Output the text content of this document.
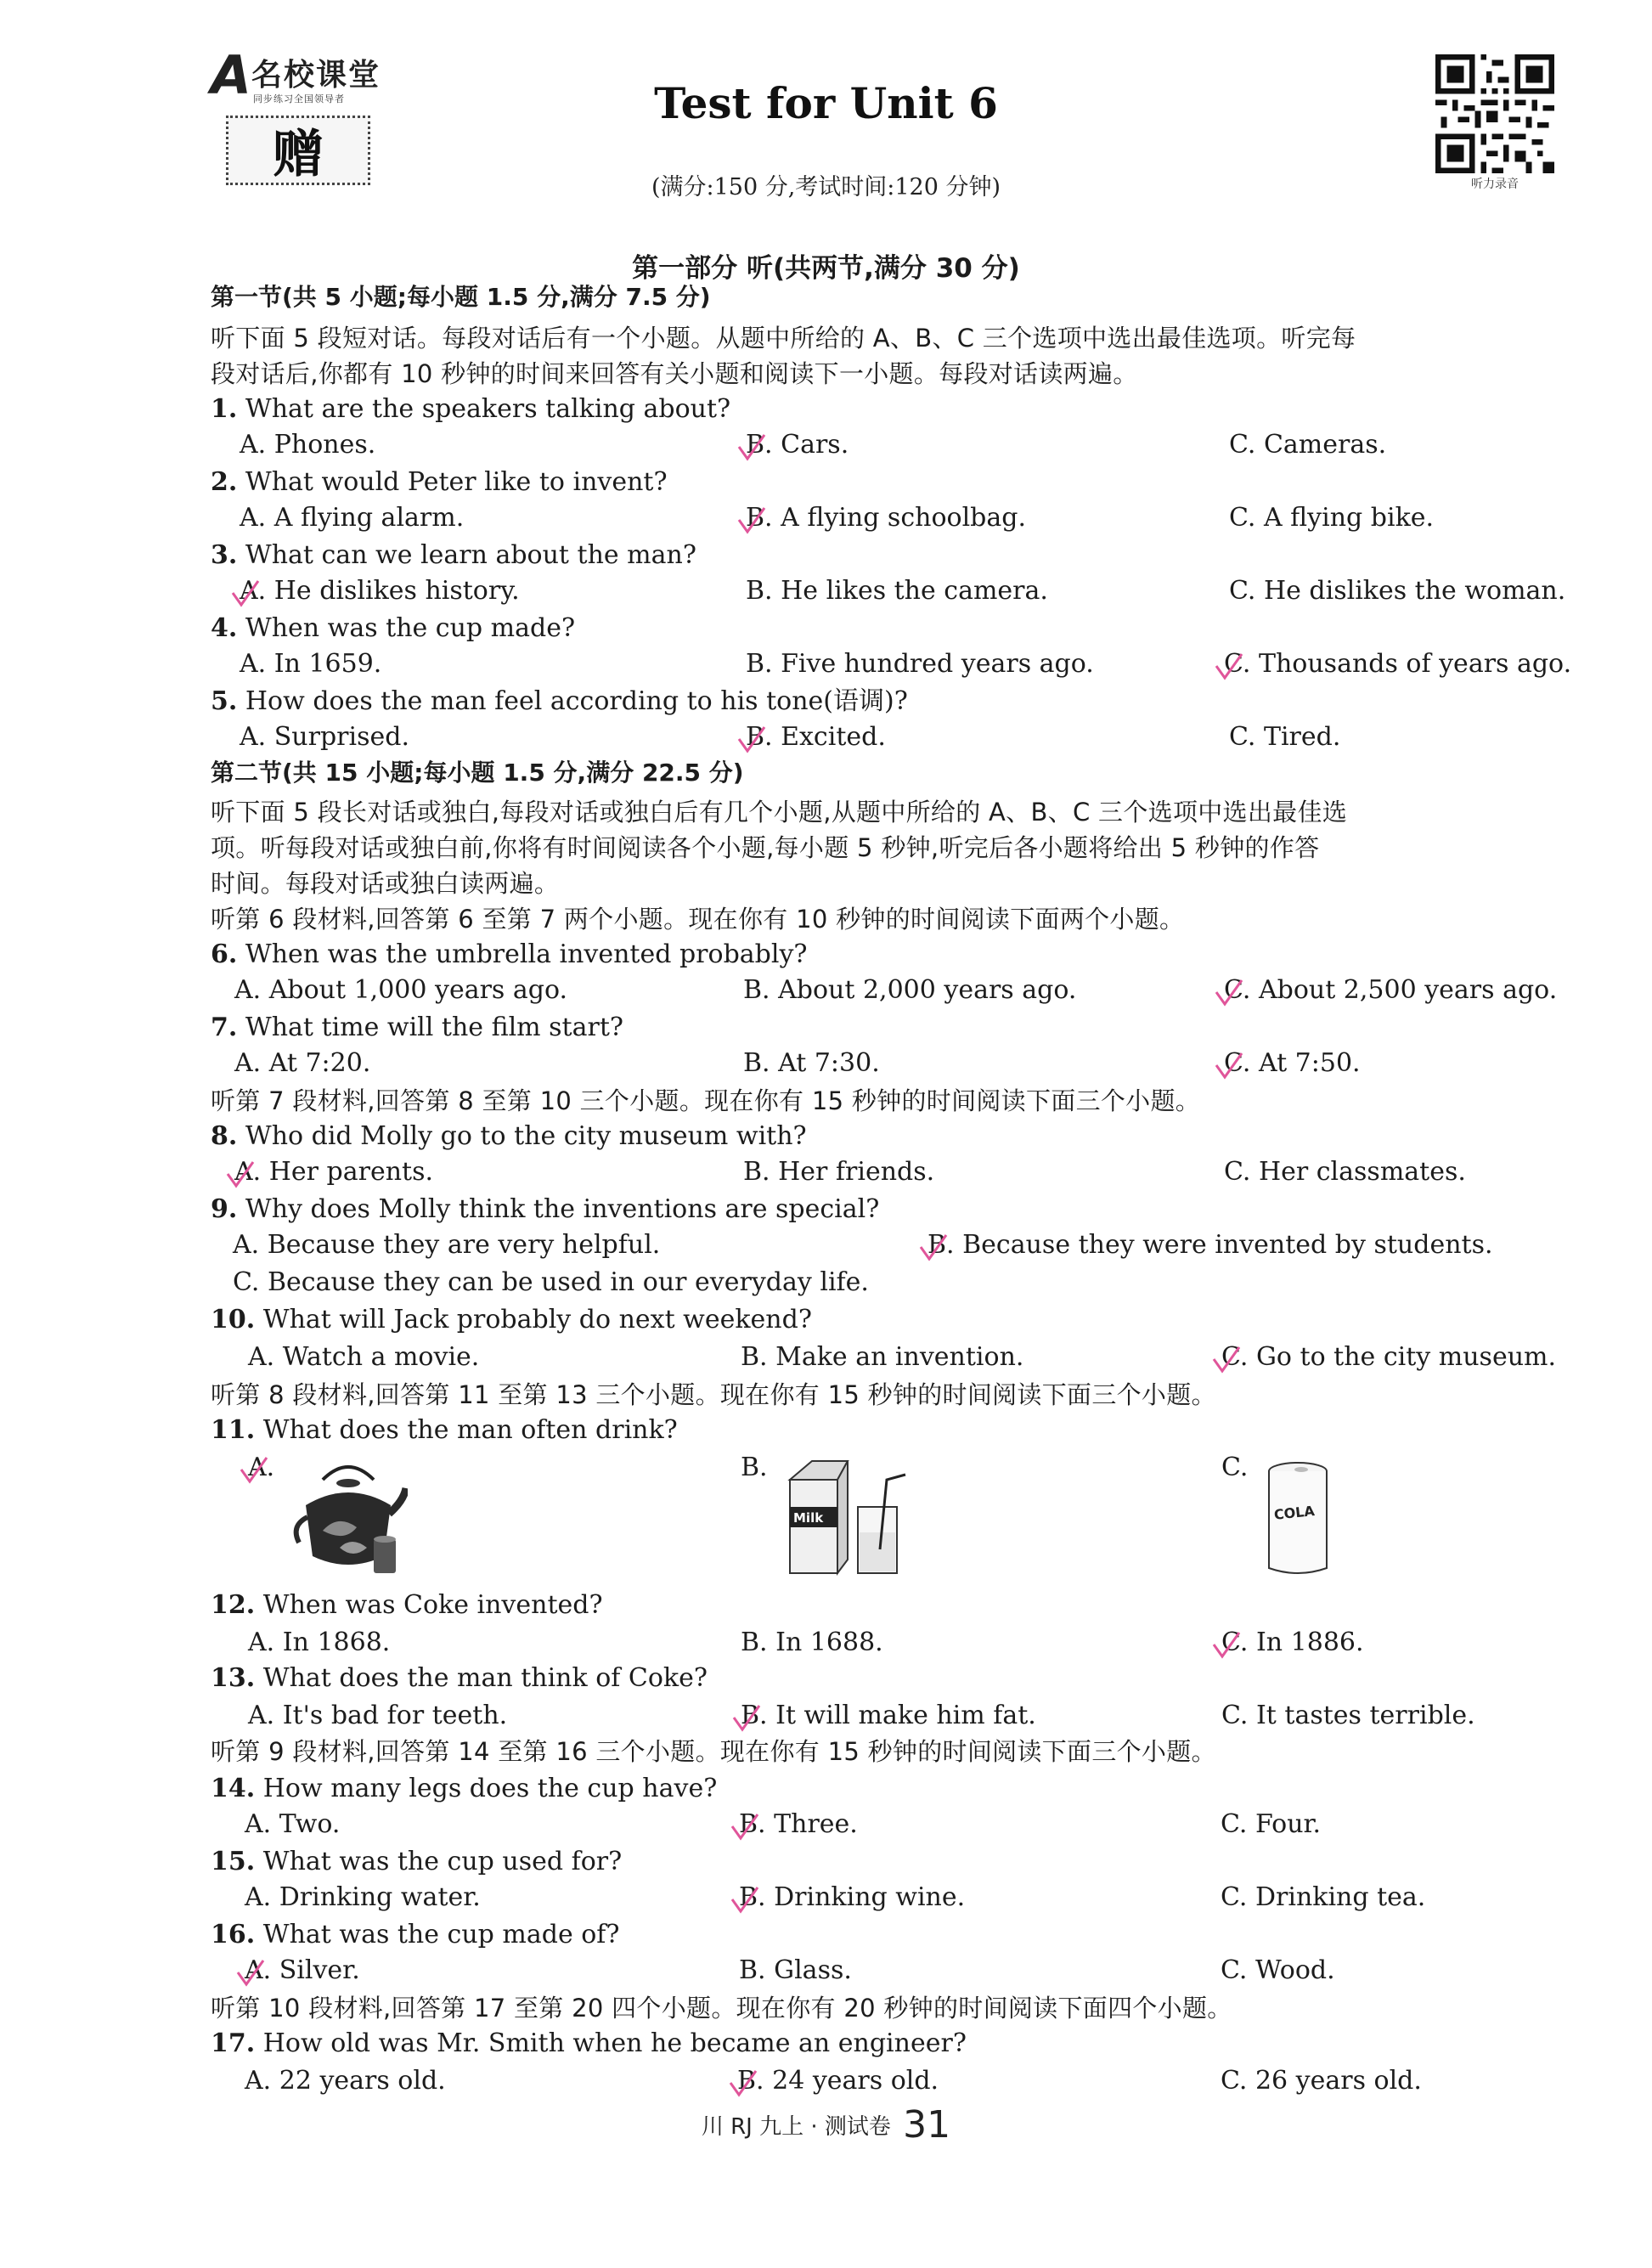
A 名校课堂
同步练习全国领导者
赠
Test for Unit 6
(满分:150 分,考试时间:120 分钟)	听力录音
第一部分 听(共两节,满分 30 分)
第一节(共 5 小题;每小题 1.5 分,满分 7.5 分)
听下面 5 段短对话。每段对话后有一个小题。从题中所给的 A、B、C 三个选项中选出最佳选项。听完每
段对话后,你都有 10 秒钟的时间来回答有关小题和阅读下一小题。每段对话读两遍。
1. What are the speakers talking about?
A. Phones.	B. Cars.	C. Cameras.
2. What would Peter like to invent?
A. A flying alarm.	B. A flying schoolbag.	C. A flying bike.
3. What can we learn about the man?
A. He dislikes history.	B. He likes the camera.	C. He dislikes the woman.
4. When was the cup made?
A. In 1659.	B. Five hundred years ago.	C. Thousands of years ago.
5. How does the man feel according to his tone(语调)?
A. Surprised.	B. Excited.	C. Tired.
第二节(共 15 小题;每小题 1.5 分,满分 22.5 分)
听下面 5 段长对话或独白,每段对话或独白后有几个小题,从题中所给的 A、B、C 三个选项中选出最佳选
项。听每段对话或独白前,你将有时间阅读各个小题,每小题 5 秒钟,听完后各小题将给出 5 秒钟的作答
时间。每段对话或独白读两遍。
听第 6 段材料,回答第 6 至第 7 两个小题。现在你有 10 秒钟的时间阅读下面两个小题。
6. When was the umbrella invented probably?
A. About 1,000 years ago.	B. About 2,000 years ago.	C. About 2,500 years ago.
7. What time will the film start?
A. At 7:20.	B. At 7:30.	C. At 7:50.
听第 7 段材料,回答第 8 至第 10 三个小题。现在你有 15 秒钟的时间阅读下面三个小题。
8. Who did Molly go to the city museum with?
A. Her parents.	B. Her friends.	C. Her classmates.
9. Why does Molly think the inventions are special?
A. Because they are very helpful.	B. Because they were invented by students.
C. Because they can be used in our everyday life.
10. What will Jack probably do next weekend?
A. Watch a movie.	B. Make an invention.	C. Go to the city museum.
听第 8 段材料,回答第 11 至第 13 三个小题。现在你有 15 秒钟的时间阅读下面三个小题。
11. What does the man often drink?
A.	B.	C.
Milk	COLA
12. When was Coke invented?
A. In 1868.	B. In 1688.	C. In 1886.
13. What does the man think of Coke?
A. It's bad for teeth.	B. It will make him fat.	C. It tastes terrible.
听第 9 段材料,回答第 14 至第 16 三个小题。现在你有 15 秒钟的时间阅读下面三个小题。
14. How many legs does the cup have?
A. Two.	B. Three.	C. Four.
15. What was the cup used for?
A. Drinking water.	B. Drinking wine.	C. Drinking tea.
16. What was the cup made of?
A. Silver.	B. Glass.	C. Wood.
听第 10 段材料,回答第 17 至第 20 四个小题。现在你有 20 秒钟的时间阅读下面四个小题。
17. How old was Mr. Smith when he became an engineer?
A. 22 years old.	B. 24 years old.	C. 26 years old.
川 RJ 九上 · 测试卷 31
